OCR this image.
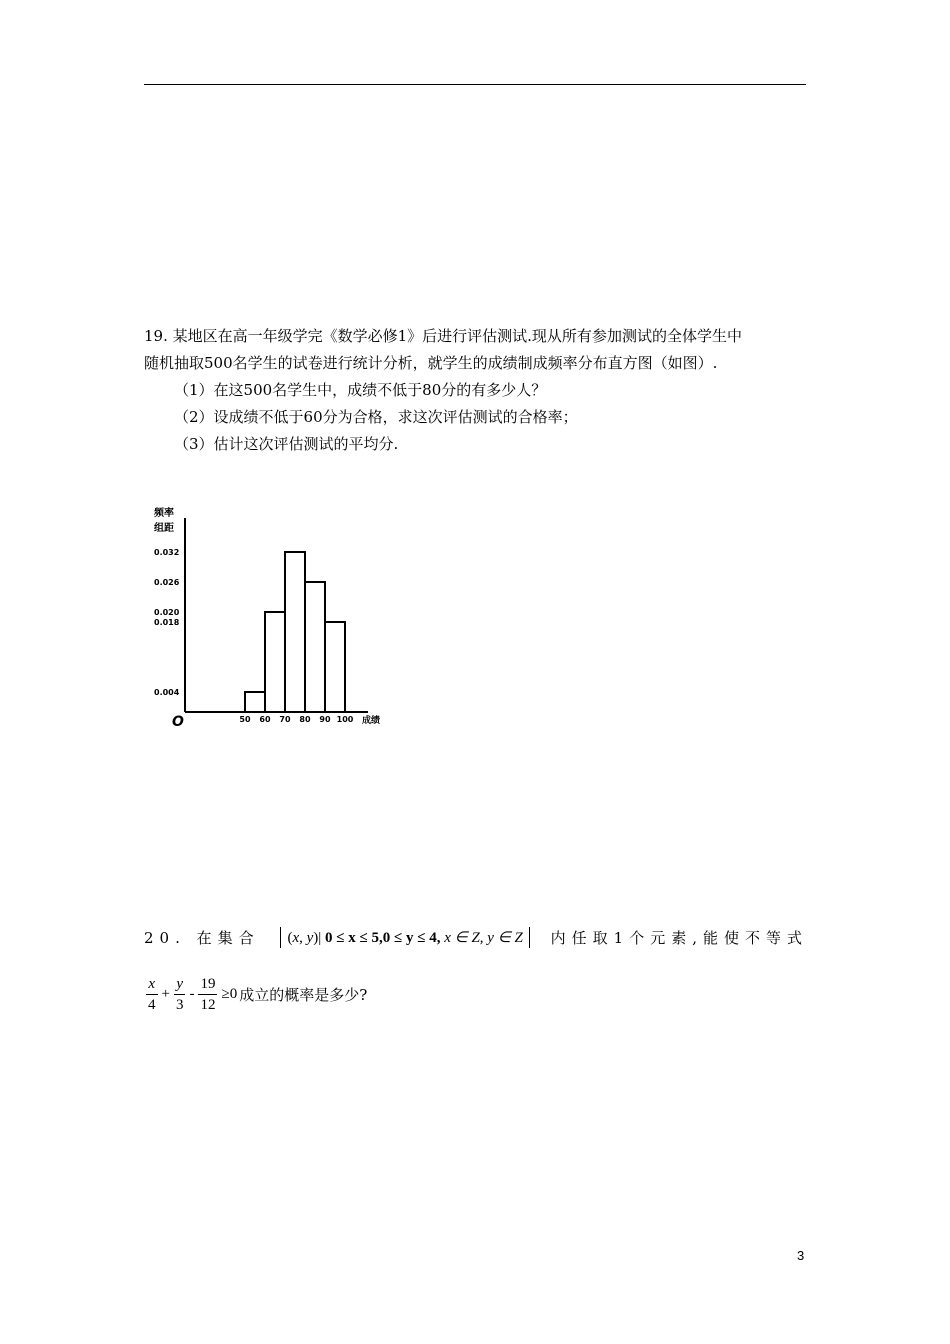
19. 某地区在高一年级学完《数学必修1》后进行评估测试.现从所有参加测试的全体学生中
随机抽取500名学生的试卷进行统计分析，就学生的成绩制成频率分布直方图（如图）.
（1）在这500名学生中，成绩不低于80分的有多少人？
（2）设成绩不低于60分为合格，求这次评估测试的合格率；
（3）估计这次评估测试的平均分.
50 60 70 80 90 100
0.032
0.026
0.020
0.018
0.004
频率
组距
O	成绩
20. 在集合	(x, y)| 0 ≤ x ≤ 5,0 ≤ y ≤ 4, x ∈ Z, y ∈ Z	内任取1个元素,能使不等式
$\frac{x}{4} + \frac{y}{3} - \frac{19}{12} \ge 0$ 成立的概率是多少?
3
